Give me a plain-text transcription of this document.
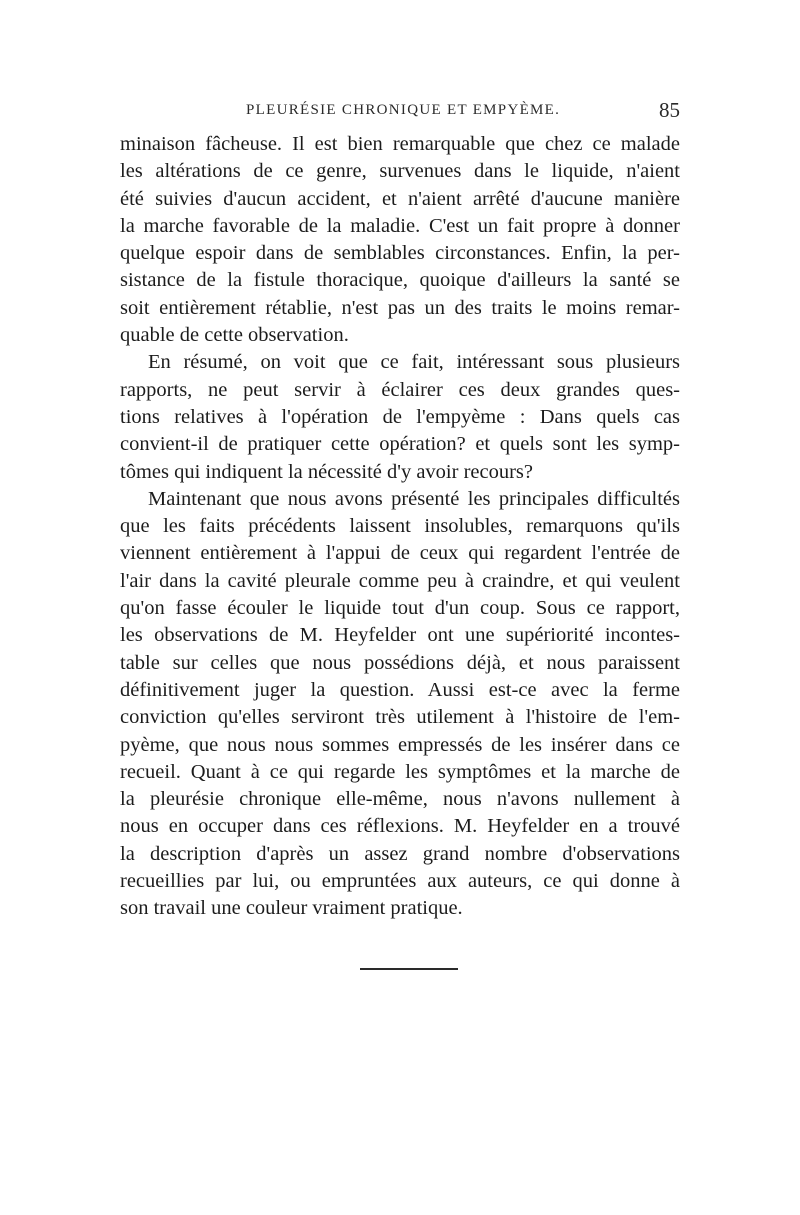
PLEURÉSIE CHRONIQUE ET EMPYÈME.	85
minaison fâcheuse. Il est bien remarquable que chez ce malade
les altérations de ce genre, survenues dans le liquide, n'aient
été suivies d'aucun accident, et n'aient arrêté d'aucune manière
la marche favorable de la maladie. C'est un fait propre à donner
quelque espoir dans de semblables circonstances. Enfin, la per-
sistance de la fistule thoracique, quoique d'ailleurs la santé se
soit entièrement rétablie, n'est pas un des traits le moins remar-
quable de cette observation.
En résumé, on voit que ce fait, intéressant sous plusieurs
rapports, ne peut servir à éclairer ces deux grandes ques-
tions relatives à l'opération de l'empyème : Dans quels cas
convient-il de pratiquer cette opération? et quels sont les symp-
tômes qui indiquent la nécessité d'y avoir recours?
Maintenant que nous avons présenté les principales difficultés
que les faits précédents laissent insolubles, remarquons qu'ils
viennent entièrement à l'appui de ceux qui regardent l'entrée de
l'air dans la cavité pleurale comme peu à craindre, et qui veulent
qu'on fasse écouler le liquide tout d'un coup. Sous ce rapport,
les observations de M. Heyfelder ont une supériorité incontes-
table sur celles que nous possédions déjà, et nous paraissent
définitivement juger la question. Aussi est-ce avec la ferme
conviction qu'elles serviront très utilement à l'histoire de l'em-
pyème, que nous nous sommes empressés de les insérer dans ce
recueil. Quant à ce qui regarde les symptômes et la marche de
la pleurésie chronique elle-même, nous n'avons nullement à
nous en occuper dans ces réflexions. M. Heyfelder en a trouvé
la description d'après un assez grand nombre d'observations
recueillies par lui, ou empruntées aux auteurs, ce qui donne à
son travail une couleur vraiment pratique.
